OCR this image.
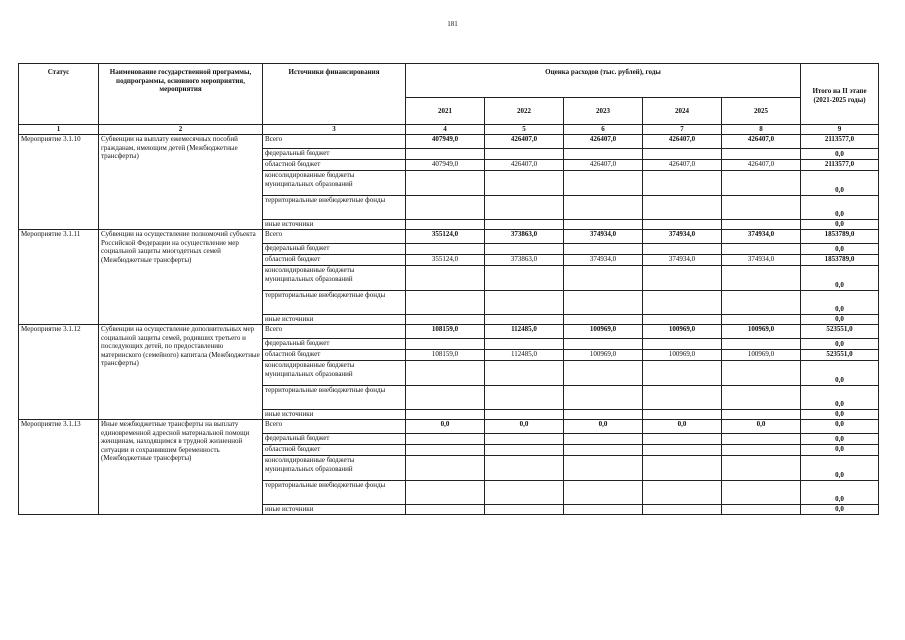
181
Статус	Наименование государственной программы, подпрограммы, основного мероприятия, мероприятия	Источники финансирования	Оценка расходов (тыс. рублей), годы					Итого на II этапе (2021-2025 годы)
			2021	2022	2023	2024	2025	
1	2	3	4	5	6	7	8	9
Мероприятие 3.1.10	Субвенции на выплату ежемесячных пособий гражданам, имеющим детей (Межбюджетные трансферты)	Всего	407949,0	426407,0	426407,0	426407,0	426407,0	2113577,0
		федеральный бюджет						0,0
		областной бюджет	407949,0	426407,0	426407,0	426407,0	426407,0	2113577,0
		консолидированные бюджеты муниципальных образований						0,0
		территориальные внебюджетные фонды						0,0
		иные источники						0,0
Мероприятие 3.1.11	Субвенции на осуществление полномочий субъекта Российской Федерации на осуществление мер социальной защиты многодетных семей (Межбюджетные трансферты)	Всего	355124,0	373863,0	374934,0	374934,0	374934,0	1853789,0
		федеральный бюджет						0,0
		областной бюджет	355124,0	373863,0	374934,0	374934,0	374934,0	1853789,0
		консолидированные бюджеты муниципальных образований						0,0
		территориальные внебюджетные фонды						0,0
		иные источники						0,0
Мероприятие 3.1.12	Субвенции на осуществление дополнительных мер социальной защиты семей, родивших третьего и последующих детей, по предоставлению материнского (семейного) капитала (Межбюджетные трансферты)	Всего	108159,0	112485,0	100969,0	100969,0	100969,0	523551,0
		федеральный бюджет						0,0
		областной бюджет	108159,0	112485,0	100969,0	100969,0	100969,0	523551,0
		консолидированные бюджеты муниципальных образований						0,0
		территориальные внебюджетные фонды						0,0
		иные источники						0,0
Мероприятие 3.1.13	Иные межбюджетные трансферты на выплату единовременной адресной материальной помощи женщинам, находящимся в трудной жизненной ситуации и сохранившим беременность (Межбюджетные трансферты)	Всего	0,0	0,0	0,0	0,0	0,0	0,0
		федеральный бюджет						0,0
		областной бюджет						0,0
		консолидированные бюджеты муниципальных образований						0,0
		территориальные внебюджетные фонды						0,0
		иные источники						0,0
